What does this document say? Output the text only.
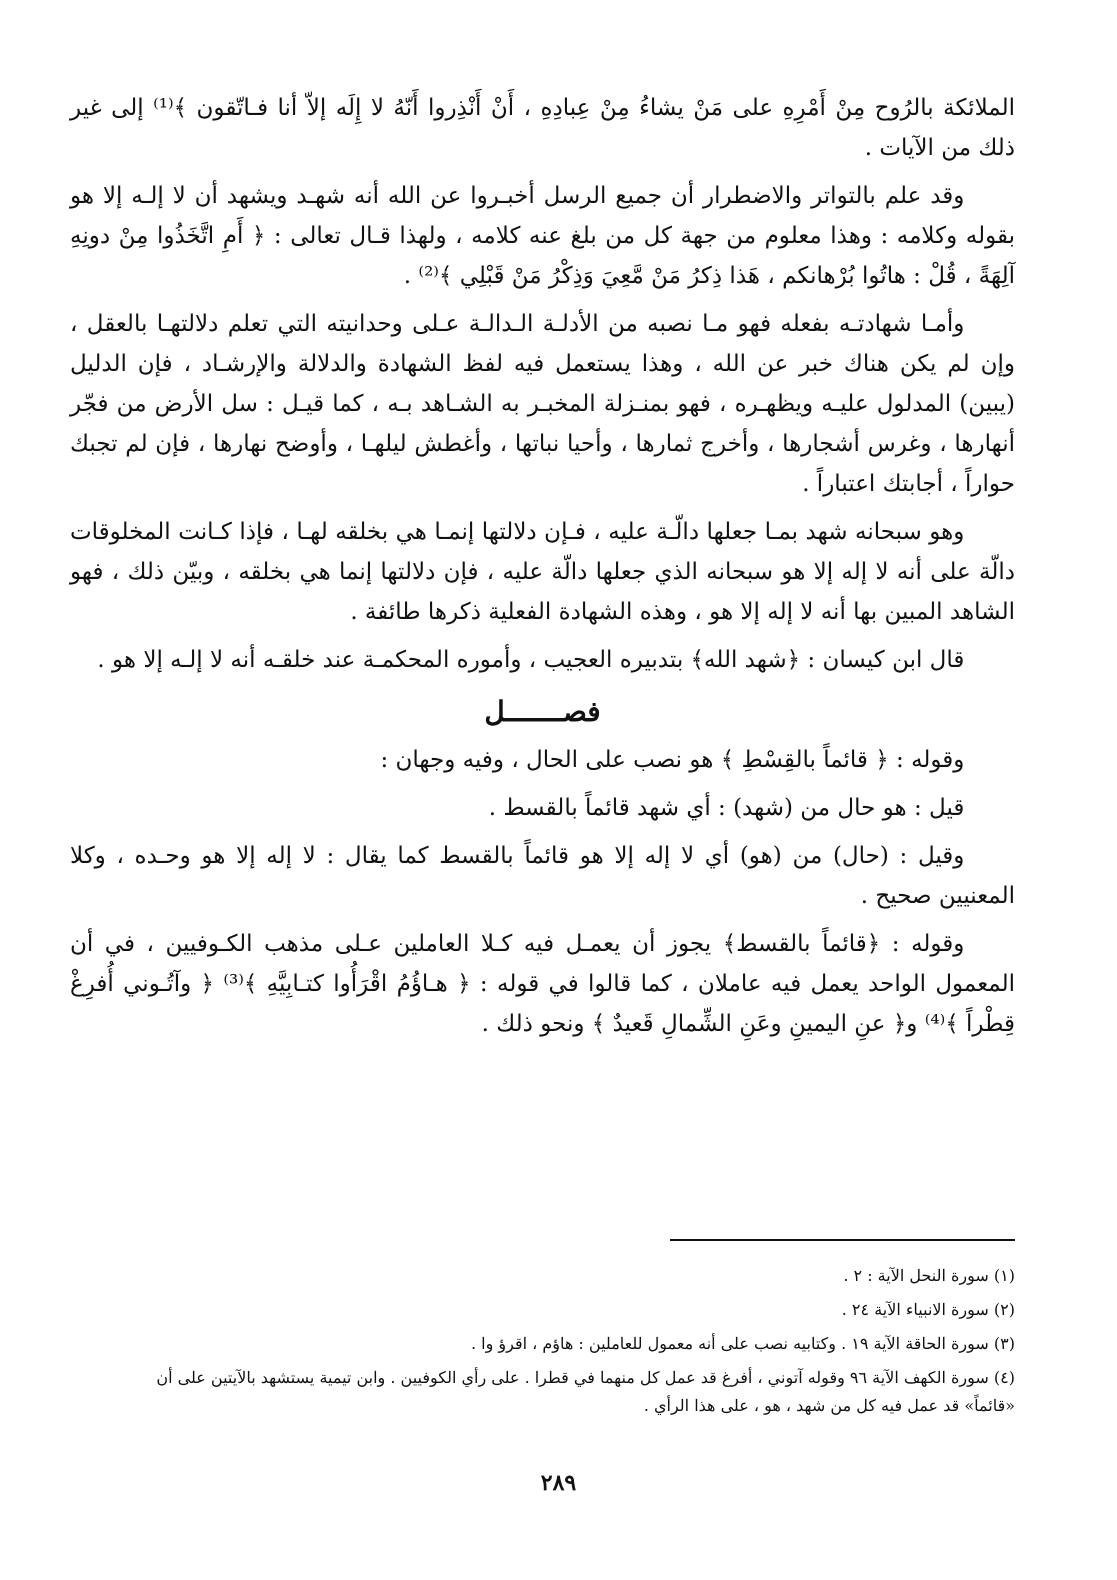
الملائكة بالرُوح مِنْ أَمْرِهِ على مَنْ يشاءُ مِنْ عِبادِهِ ، أَنْ أَنْذِروا أَنّهُ لا إِلَه إلاّ أنا فـاتّقون ﴾⁽¹⁾ إلى غير ذلك من الآيات .

وقد علم بالتواتر والاضطرار أن جميع الرسل أخبـروا عن الله أنه شهـد ويشهد أن لا إلـه إلا هو بقوله وكلامه : وهذا معلوم من جهة كل من بلغ عنه كلامه ، ولهذا قـال تعالى : ﴿ أَمِ اتَّخَذُوا مِنْ دونِهِ آلِهَةً ، قُلْ : هاتُوا بُرْهانكم ، هَذا ذِكرُ مَنْ مَّعِيَ وَذِكْرُ مَنْ قَبْلِي ﴾⁽²⁾ .

وأمـا شهادتـه بفعله فهو مـا نصبه من الأدلـة الـدالـة عـلى وحدانيته التي تعلم دلالتهـا بالعقل ، وإن لم يكن هناك خبر عن الله ، وهذا يستعمل فيه لفظ الشهادة والدلالة والإرشـاد ، فإن الدليل (يبين) المدلول عليـه ويظهـره ، فهو بمنـزلة المخبـر به الشـاهد بـه ، كما قيـل : سل الأرض من فجّر أنهارها ، وغرس أشجارها ، وأخرج ثمارها ، وأحيا نباتها ، وأغطش ليلهـا ، وأوضح نهارها ، فإن لم تجبك حواراً ، أجابتك اعتباراً .

وهو سبحانه شهد بمـا جعلها دالّـة عليه ، فـإن دلالتها إنمـا هي بخلقه لهـا ، فإذا كـانت المخلوقات دالّة على أنه لا إله إلا هو سبحانه الذي جعلها دالّة عليه ، فإن دلالتها إنما هي بخلقه ، وبيّن ذلك ، فهو الشاهد المبين بها أنه لا إله إلا هو ، وهذه الشهادة الفعلية ذكرها طائفة .

قال ابن كيسان : ﴿شهد الله﴾ بتدبيره العجيب ، وأموره المحكمـة عند خلقـه أنه لا إلـه إلا هو .

فصـــــــل

وقوله : ﴿ قائماً بالقِسْطِ ﴾ هو نصب على الحال ، وفيه وجهان :

قيل : هو حال من (شهد) : أي شهد قائماً بالقسط .

وقيل : (حال) من (هو) أي لا إله إلا هو قائماً بالقسط كما يقال : لا إله إلا هو وحـده ، وكلا المعنيين صحيح .

وقوله : ﴿قائماً بالقسط﴾ يجوز أن يعمـل فيه كـلا العاملين عـلى مذهب الكـوفيين ، في أن المعمول الواحد يعمل فيه عاملان ، كما قالوا في قوله : ﴿ هـاؤُمُ اقْرَأُوا كتـابِيَّهِ ﴾⁽³⁾ ﴿ وآتُـوني أُفرِغْ قِطْراً ﴾⁽⁴⁾ و﴿ عنِ اليمينِ وعَنِ الشِّمالِ قَعيدٌ ﴾ ونحو ذلك .

(١) سورة النحل الآية : ٢ .

(٢) سورة الانبياء الآية ٢٤ .

(٣) سورة الحاقة الآية ١٩ . وكتابيه نصب على أنه معمول للعاملين : هاؤم ، اقرؤ وا .

(٤) سورة الكهف الآية ٩٦ وقوله آتوني ، أفرغ قد عمل كل منهما في قطرا . على رأي الكوفيين . وابن تيمية يستشهد بالآيتين على أن
«قائماً» قد عمل فيه كل من شهد ، هو ، على هذا الرأي .

٢٨٩
